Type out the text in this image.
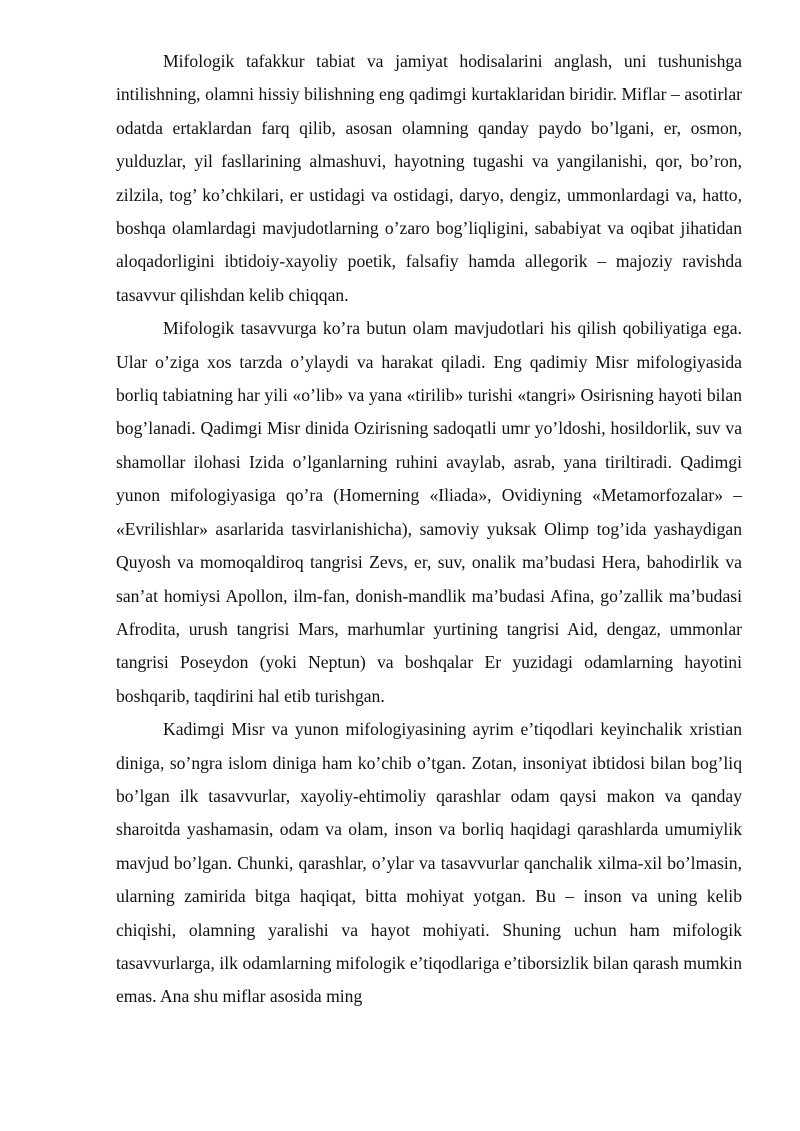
Mifologik tafakkur tabiat va jamiyat hodisalarini anglash, uni tushunishga intilishning, olamni hissiy bilishning eng qadimgi kurtaklaridan biridir. Miflar – asotirlar odatda ertaklardan farq qilib, asosan olamning qanday paydo bo’lgani, er, osmon, yulduzlar, yil fasllarining almashuvi, hayotning tugashi va yangilanishi, qor, bo’ron, zilzila, tog’ ko’chkilari, er ustidagi va ostidagi, daryo, dengiz, ummonlardagi va, hatto, boshqa olamlardagi mavjudotlarning o’zaro bog’liqligini, sababiyat va oqibat jihatidan aloqadorligini ibtidoiy-xayoliy poetik, falsafiy hamda allegorik – majoziy ravishda tasavvur qilishdan kelib chiqqan.

Mifologik tasavvurga ko’ra butun olam mavjudotlari his qilish qobiliyatiga ega. Ular o’ziga xos tarzda o’ylaydi va harakat qiladi. Eng qadimiy Misr mifologiyasida borliq tabiatning har yili «o’lib» va yana «tirilib» turishi «tangri» Osirisning hayoti bilan bog’lanadi. Qadimgi Misr dinida Ozirisning sadoqatli umr yo’ldoshi, hosildorlik, suv va shamollar ilohasi Izida o’lganlarning ruhini avaylab, asrab, yana tiriltiradi. Qadimgi yunon mifologiyasiga qo’ra (Homerning «Iliada», Ovidiyning «Metamorfozalar» – «Evrilishlar» asarlarida tasvirlanishicha), samoviy yuksak Olimp tog’ida yashaydigan Quyosh va momoqaldiroq tangrisi Zevs, er, suv, onalik ma’budasi Hera, bahodirlik va san’at homiysi Apollon, ilm-fan, donish-mandlik ma’budasi Afina, go’zallik ma’budasi Afrodita, urush tangrisi Mars, marhumlar yurtining tangrisi Aid, dengaz, ummonlar tangrisi Poseydon (yoki Neptun) va boshqalar Er yuzidagi odamlarning hayotini boshqarib, taqdirini hal etib turishgan.

Kadimgi Misr va yunon mifologiyasining ayrim e’tiqodlari keyinchalik xristian diniga, so’ngra islom diniga ham ko’chib o’tgan. Zotan, insoniyat ibtidosi bilan bog’liq bo’lgan ilk tasavvurlar, xayoliy-ehtimoliy qarashlar odam qaysi makon va qanday sharoitda yashamasin, odam va olam, inson va borliq haqidagi qarashlarda umumiylik mavjud bo’lgan. Chunki, qarashlar, o’ylar va tasavvurlar qanchalik xilma-xil bo’lmasin, ularning zamirida bitga haqiqat, bitta mohiyat yotgan. Bu – inson va uning kelib chiqishi, olamning yaralishi va hayot mohiyati. Shuning uchun ham mifologik tasavvurlarga, ilk odamlarning mifologik e’tiqodlariga e’tiborsizlik bilan qarash mumkin emas. Ana shu miflar asosida ming
